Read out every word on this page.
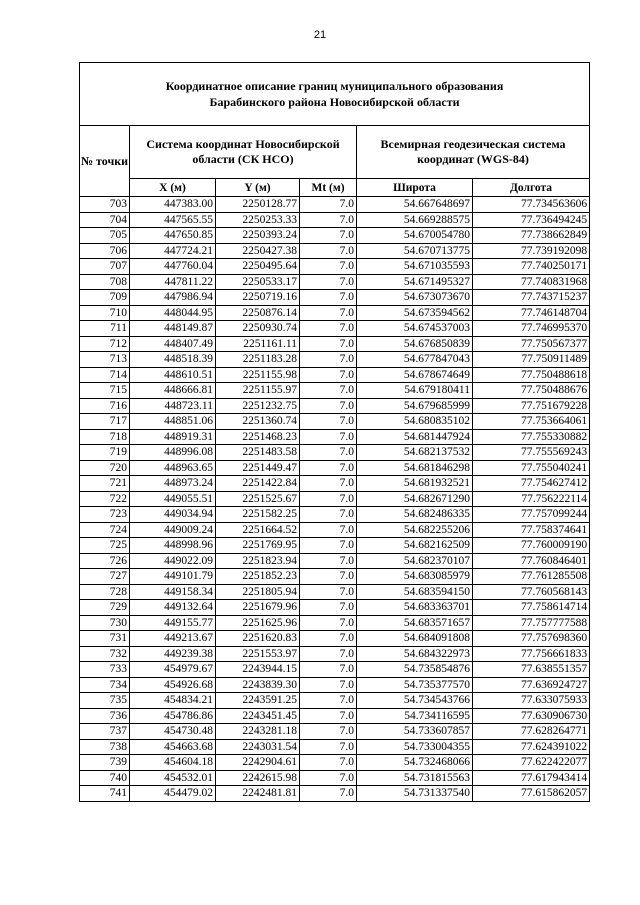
21
Координатное описание границ муниципального образования
Барабинского района Новосибирской области					

№ точки	Система координат Новосибирской области (СК НСО)			Всемирная геодезическая система координат (WGS-84)	
	X (м)	Y (м)	Mt (м)	Широта	Долгота
703	447383.00	2250128.77	7.0	54.667648697	77.734563606
704	447565.55	2250253.33	7.0	54.669288575	77.736494245
705	447650.85	2250393.24	7.0	54.670054780	77.738662849
706	447724.21	2250427.38	7.0	54.670713775	77.739192098
707	447760.04	2250495.64	7.0	54.671035593	77.740250171
708	447811.22	2250533.17	7.0	54.671495327	77.740831968
709	447986.94	2250719.16	7.0	54.673073670	77.743715237
710	448044.95	2250876.14	7.0	54.673594562	77.746148704
711	448149.87	2250930.74	7.0	54.674537003	77.746995370
712	448407.49	2251161.11	7.0	54.676850839	77.750567377
713	448518.39	2251183.28	7.0	54.677847043	77.750911489
714	448610.51	2251155.98	7.0	54.678674649	77.750488618
715	448666.81	2251155.97	7.0	54.679180411	77.750488676
716	448723.11	2251232.75	7.0	54.679685999	77.751679228
717	448851.06	2251360.74	7.0	54.680835102	77.753664061
718	448919.31	2251468.23	7.0	54.681447924	77.755330882
719	448996.08	2251483.58	7.0	54.682137532	77.755569243
720	448963.65	2251449.47	7.0	54.681846298	77.755040241
721	448973.24	2251422.84	7.0	54.681932521	77.754627412
722	449055.51	2251525.67	7.0	54.682671290	77.756222114
723	449034.94	2251582.25	7.0	54.682486335	77.757099244
724	449009.24	2251664.52	7.0	54.682255206	77.758374641
725	448998.96	2251769.95	7.0	54.682162509	77.760009190
726	449022.09	2251823.94	7.0	54.682370107	77.760846401
727	449101.79	2251852.23	7.0	54.683085979	77.761285508
728	449158.34	2251805.94	7.0	54.683594150	77.760568143
729	449132.64	2251679.96	7.0	54.683363701	77.758614714
730	449155.77	2251625.96	7.0	54.683571657	77.757777588
731	449213.67	2251620.83	7.0	54.684091808	77.757698360
732	449239.38	2251553.97	7.0	54.684322973	77.756661833
733	454979.67	2243944.15	7.0	54.735854876	77.638551357
734	454926.68	2243839.30	7.0	54.735377570	77.636924727
735	454834.21	2243591.25	7.0	54.734543766	77.633075933
736	454786.86	2243451.45	7.0	54.734116595	77.630906730
737	454730.48	2243281.18	7.0	54.733607857	77.628264771
738	454663.68	2243031.54	7.0	54.733004355	77.624391022
739	454604.18	2242904.61	7.0	54.732468066	77.622422077
740	454532.01	2242615.98	7.0	54.731815563	77.617943414
741	454479.02	2242481.81	7.0	54.731337540	77.615862057
